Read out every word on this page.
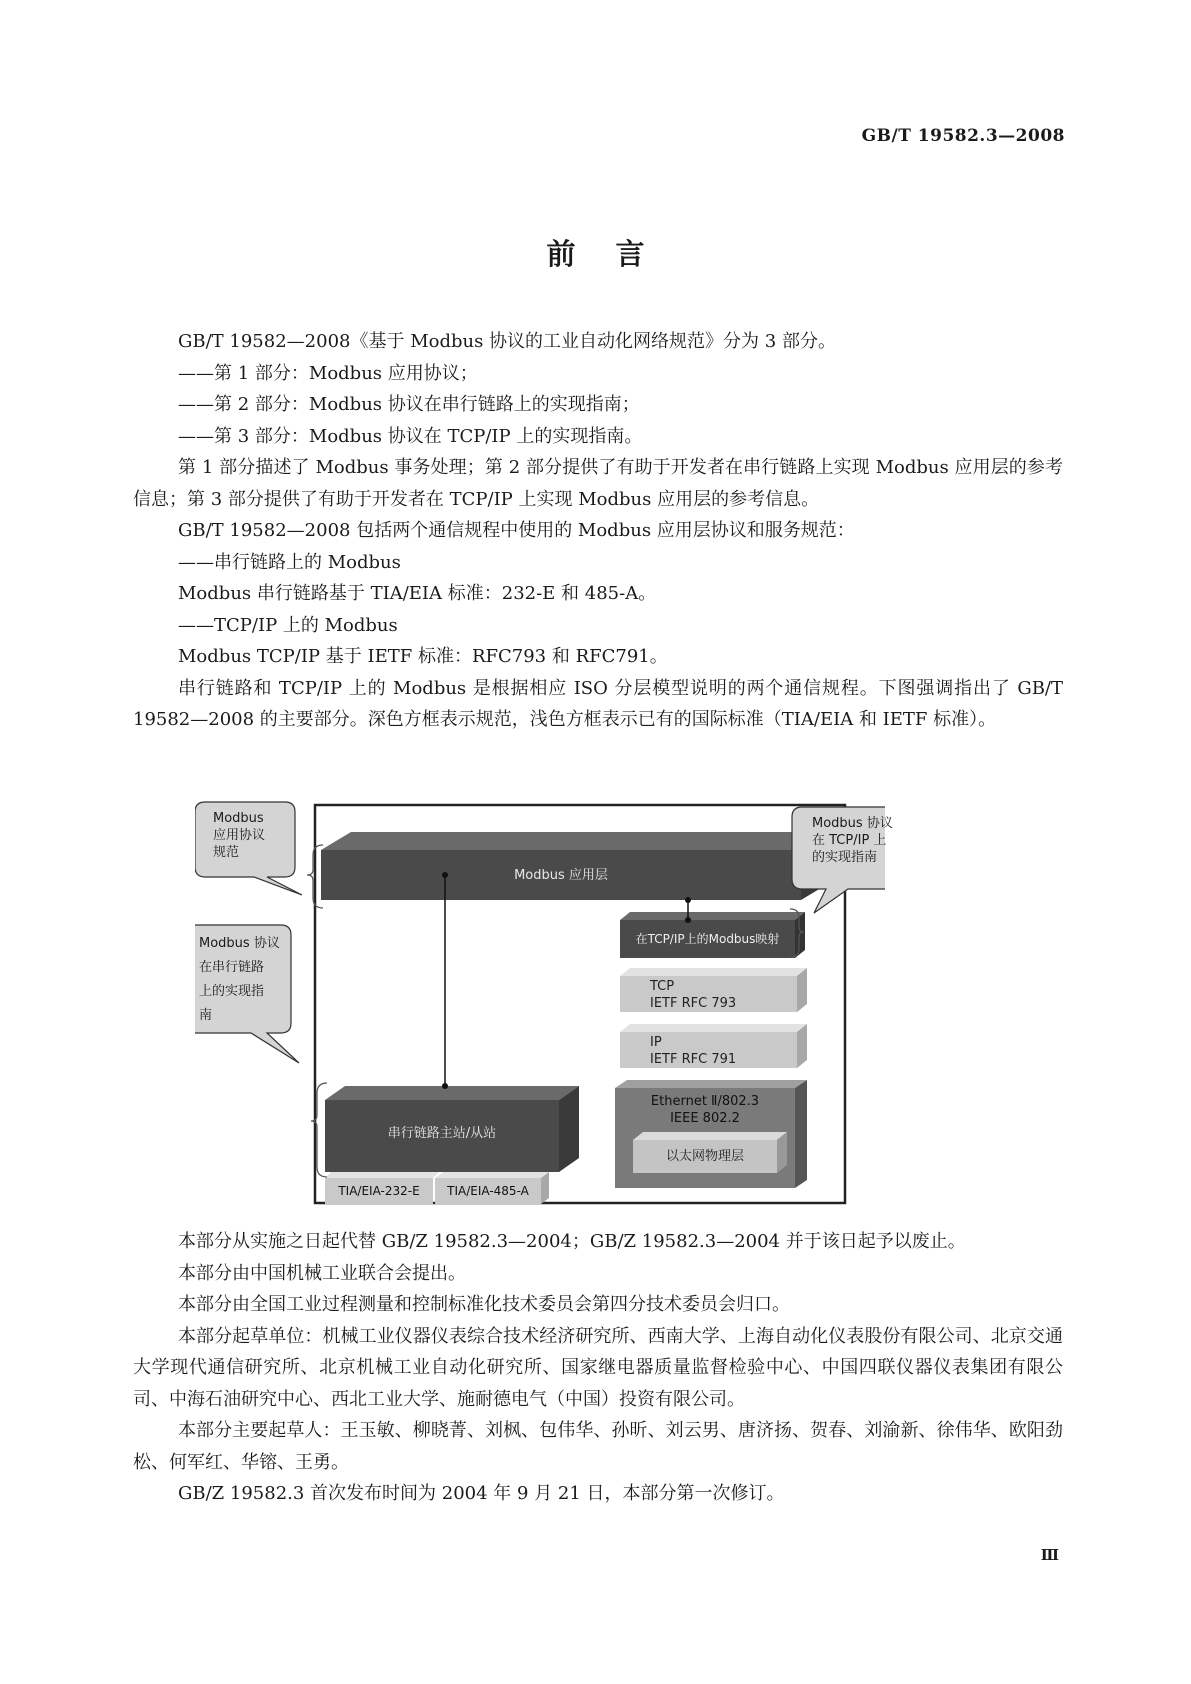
GB/T 19582.3—2008
前言

GB/T 19582—2008《基于 Modbus 协议的工业自动化网络规范》分为 3 部分。

——第 1 部分：Modbus 应用协议；

——第 2 部分：Modbus 协议在串行链路上的实现指南；

——第 3 部分：Modbus 协议在 TCP/IP 上的实现指南。

第 1 部分描述了 Modbus 事务处理；第 2 部分提供了有助于开发者在串行链路上实现 Modbus 应用层的参考信息；第 3 部分提供了有助于开发者在 TCP/IP 上实现 Modbus 应用层的参考信息。

GB/T 19582—2008 包括两个通信规程中使用的 Modbus 应用层协议和服务规范：

——串行链路上的 Modbus

Modbus 串行链路基于 TIA/EIA 标准：232-E 和 485-A。

——TCP/IP 上的 Modbus

Modbus TCP/IP 基于 IETF 标准：RFC793 和 RFC791。

串行链路和 TCP/IP 上的 Modbus 是根据相应 ISO 分层模型说明的两个通信规程。下图强调指出了 GB/T 19582—2008 的主要部分。深色方框表示规范，浅色方框表示已有的国际标准（TIA/EIA 和 IETF 标准）。

Modbus
应用协议
规范
Modbus 协议
在 TCP/IP 上
的实现指南
Modbus 协议
在串行链路
上的实现指
南
Modbus 应用层
在TCP/IP上的Modbus映射
TCP
IETF RFC 793
IP
IETF RFC 791
Ethernet Ⅱ/802.3
IEEE 802.2
以太网物理层
串行链路主站/从站
TIA/EIA-232-E	TIA/EIA-485-A

本部分从实施之日起代替 GB/Z 19582.3—2004；GB/Z 19582.3—2004 并于该日起予以废止。

本部分由中国机械工业联合会提出。

本部分由全国工业过程测量和控制标准化技术委员会第四分技术委员会归口。

本部分起草单位：机械工业仪器仪表综合技术经济研究所、西南大学、上海自动化仪表股份有限公司、北京交通大学现代通信研究所、北京机械工业自动化研究所、国家继电器质量监督检验中心、中国四联仪器仪表集团有限公司、中海石油研究中心、西北工业大学、施耐德电气（中国）投资有限公司。

本部分主要起草人：王玉敏、柳晓菁、刘枫、包伟华、孙昕、刘云男、唐济扬、贺春、刘渝新、徐伟华、欧阳劲松、何军红、华镕、王勇。

GB/Z 19582.3 首次发布时间为 2004 年 9 月 21 日，本部分第一次修订。

Ⅲ
